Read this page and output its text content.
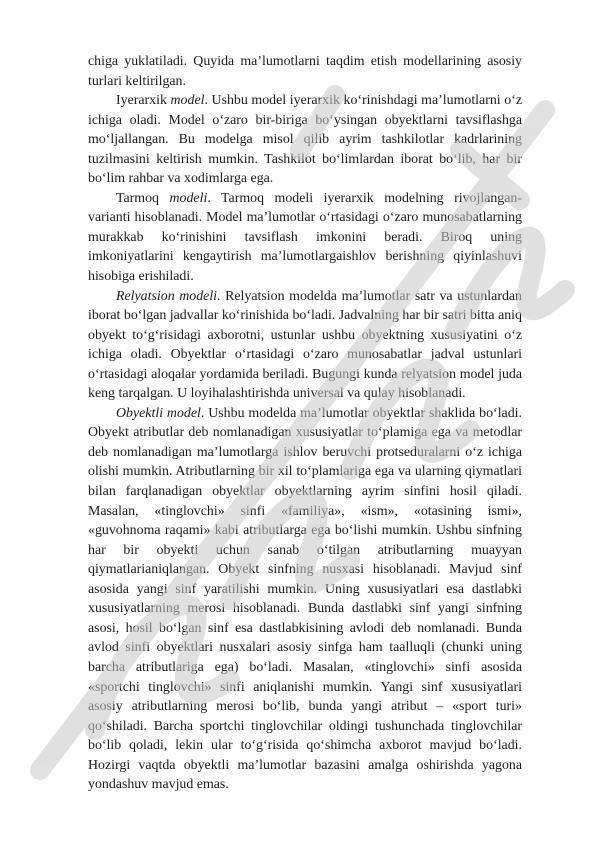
chiga yuklatiladi. Quyida maʼlumotlarni taqdim etish modellarining asosiy turlari keltirilgan.

Iyerarxik model. Ushbu model iyerarxik koʻrinishdagi maʼlumotlarni oʻz ichiga oladi. Model oʻzaro bir-biriga boʻysingan obyektlarni tavsiflashga moʻljallangan. Bu modelga misol qilib ayrim tashkilotlar kadrlarining tuzilmasini keltirish mumkin. Tashkilot boʻlimlardan iborat boʻlib, har bir boʻlim rahbar va xodimlarga ega.

Tarmoq modeli. Tarmoq modeli iyerarxik modelning rivojlangan-varianti hisoblanadi. Model maʼlumotlar oʻrtasidagi oʻzaro munosabatlarning murakkab koʻrinishini tavsiflash imkonini beradi. Biroq uning imkoniyatlarini kengaytirish maʼlumotlargaishlov berishning qiyinlashuvi hisobiga erishiladi.

Relyatsion modeli. Relyatsion modelda maʼlumotlar satr va ustunlardan iborat boʻlgan jadvallar koʻrinishida boʻladi. Jadvalning har bir satri bitta aniq obyekt toʻgʻrisidagi axborotni, ustunlar ushbu obyektning xususiyatini oʻz ichiga oladi. Obyektlar oʻrtasidagi oʻzaro munosabatlar jadval ustunlari oʻrtasidagi aloqalar yordamida beriladi. Bugungi kunda relyatsion model juda keng tarqalgan. U loyihalashtirishda universal va qulay hisoblanadi.

Obyektli model. Ushbu modelda maʼlumotlar obyektlar shaklida boʻladi. Obyekt atributlar deb nomlanadigan xususiyatlar toʻplamiga ega va metodlar deb nomlanadigan maʼlumotlarga ishlov beruvchi protseduralarni oʻz ichiga olishi mumkin. Atributlarning bir xil toʻplamlariga ega va ularning qiymatlari bilan farqlanadigan obyektlar obyektlarning ayrim sinfini hosil qiladi. Masalan, «tinglovchi» sinfi «familiya», «ism», «otasining ismi», «guvohnoma raqami» kabi atributlarga ega boʻlishi mumkin. Ushbu sinfning har bir obyekti uchun sanab oʻtilgan atributlarning muayyan qiymatlarianiqlangan. Obyekt sinfning nusxasi hisoblanadi. Mavjud sinf asosida yangi sinf yaratilishi mumkin. Uning xususiyatlari esa dastlabki xususiyatlarning merosi hisoblanadi. Bunda dastlabki sinf yangi sinfning asosi, hosil boʻlgan sinf esa dastlabkisining avlodi deb nomlanadi. Bunda avlod sinfi obyektlari nusxalari asosiy sinfga ham taalluqli (chunki uning barcha atributlariga ega) boʻladi. Masalan, «tinglovchi» sinfi asosida «sportchi tinglovchi» sinfi aniqlanishi mumkin. Yangi sinf xususiyatlari asosiy atributlarning merosi boʻlib, bunda yangi atribut – «sport turi» qoʻshiladi. Barcha sportchi tinglovchilar oldingi tushunchada tinglovchilar boʻlib qoladi, lekin ular toʻgʻrisida qoʻshimcha axborot mavjud boʻladi. Hozirgi vaqtda obyektli maʼlumotlar bazasini amalga oshirishda yagona yondashuv mavjud emas.
